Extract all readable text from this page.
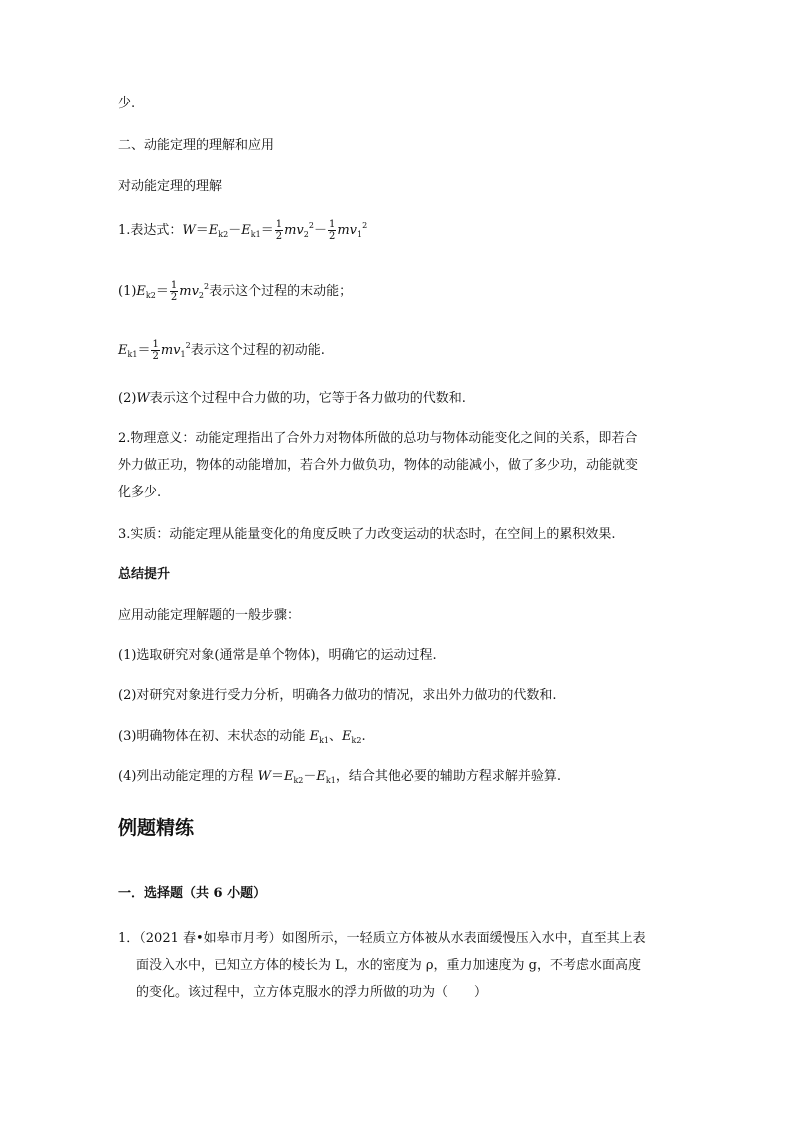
少.
二、动能定理的理解和应用
对动能定理的理解
1.表达式：$W=E_{k2}-E_{k1}= \frac{1}{2} mv_2^2- \frac{1}{2} mv_1^2$
$(1)E_{k2}= \frac{1}{2} mv_2^2$表示这个过程的末动能；
$E_{k1}= \frac{1}{2} mv_1^2$表示这个过程的初动能.
(2)W表示这个过程中合力做的功，它等于各力做功的代数和.
2.物理意义：动能定理指出了合外力对物体所做的总功与物体动能变化之间的关系，即若合
外力做正功，物体的动能增加，若合外力做负功，物体的动能减小，做了多少功，动能就变
化多少.
3.实质：动能定理从能量变化的角度反映了力改变运动的状态时，在空间上的累积效果.
总结提升
应用动能定理解题的一般步骤：
(1)选取研究对象(通常是单个物体)，明确它的运动过程.
(2)对研究对象进行受力分析，明确各力做功的情况，求出外力做功的代数和.
(3)明确物体在初、末状态的动能 $E_{k1}$、$E_{k2}$.
(4)列出动能定理的方程 $W=E_{k2}-E_{k1}$，结合其他必要的辅助方程求解并验算.
例题精练
一．选择题（共 6 小题）
1．（2021 春•如皋市月考）如图所示，一轻质立方体被从水表面缓慢压入水中，直至其上表
面没入水中，已知立方体的棱长为 L，水的密度为 ρ，重力加速度为 g，不考虑水面高度
的变化。该过程中，立方体克服水的浮力所做的功为（　　）
